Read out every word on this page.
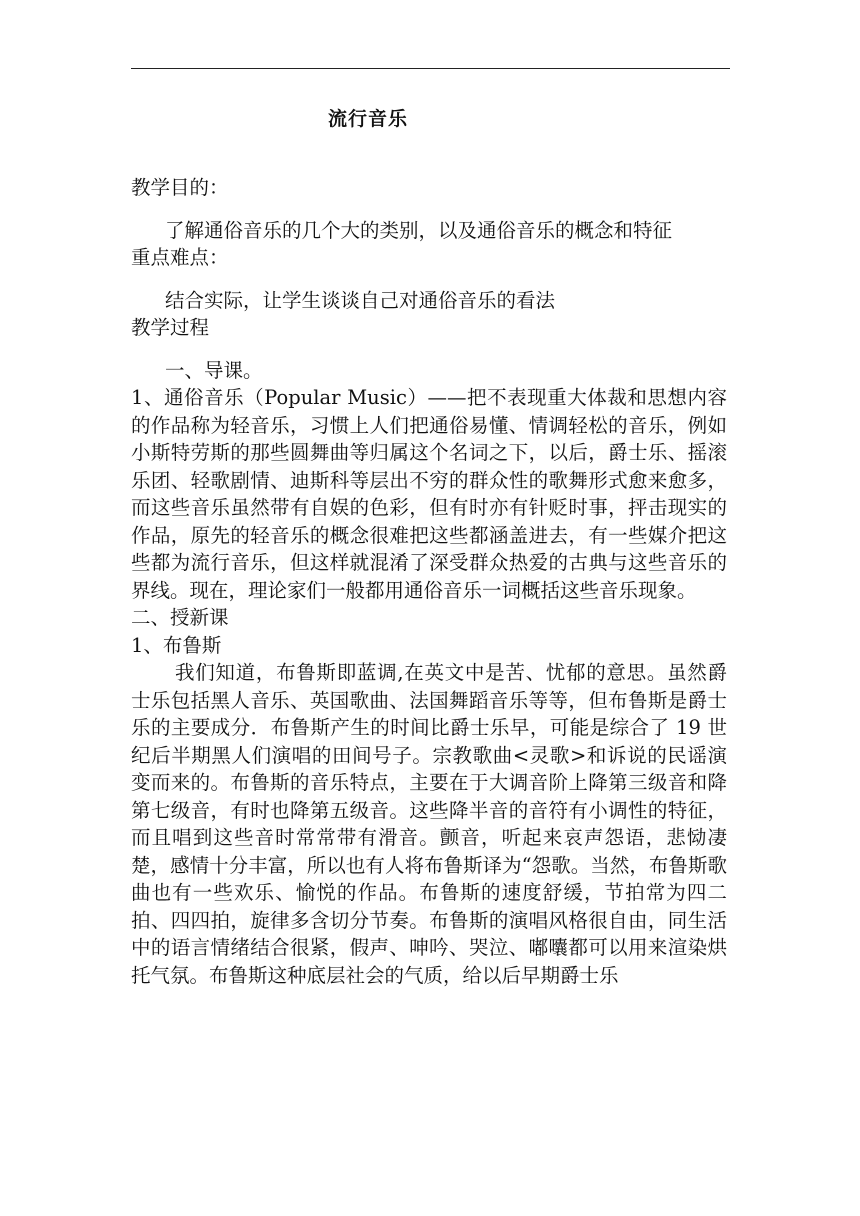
流行音乐

教学目的：

了解通俗音乐的几个大的类别，以及通俗音乐的概念和特征

重点难点：

结合实际，让学生谈谈自己对通俗音乐的看法

教学过程

一、导课。

1、通俗音乐（Popular Music）——把不表现重大体裁和思想内容的作品称为轻音乐，习惯上人们把通俗易懂、情调轻松的音乐，例如小斯特劳斯的那些圆舞曲等归属这个名词之下，以后，爵士乐、摇滚乐团、轻歌剧情、迪斯科等层出不穷的群众性的歌舞形式愈来愈多，而这些音乐虽然带有自娱的色彩，但有时亦有针贬时事，抨击现实的作品，原先的轻音乐的概念很难把这些都涵盖进去，有一些媒介把这些都为流行音乐，但这样就混淆了深受群众热爱的古典与这些音乐的界线。现在，理论家们一般都用通俗音乐一词概括这些音乐现象。

二、授新课

1、布鲁斯

我们知道，布鲁斯即蓝调,在英文中是苦、忧郁的意思。虽然爵士乐包括黑人音乐、英国歌曲、法国舞蹈音乐等等，但布鲁斯是爵士乐的主要成分．布鲁斯产生的时间比爵士乐早，可能是综合了 19 世纪后半期黑人们演唱的田间号子。宗教歌曲<灵歌>和诉说的民谣演变而来的。布鲁斯的音乐特点，主要在于大调音阶上降第三级音和降第七级音，有时也降第五级音。这些降半音的音符有小调性的特征，而且唱到这些音时常常带有滑音。颤音，听起来哀声怨语，悲恸凄楚，感情十分丰富，所以也有人将布鲁斯译为“怨歌。当然，布鲁斯歌曲也有一些欢乐、愉悦的作品。布鲁斯的速度舒缓，节拍常为四二拍、四四拍，旋律多含切分节奏。布鲁斯的演唱风格很自由，同生活中的语言情绪结合很紧，假声、呻吟、哭泣、嘟囔都可以用来渲染烘托气氛。布鲁斯这种底层社会的气质，给以后早期爵士乐
